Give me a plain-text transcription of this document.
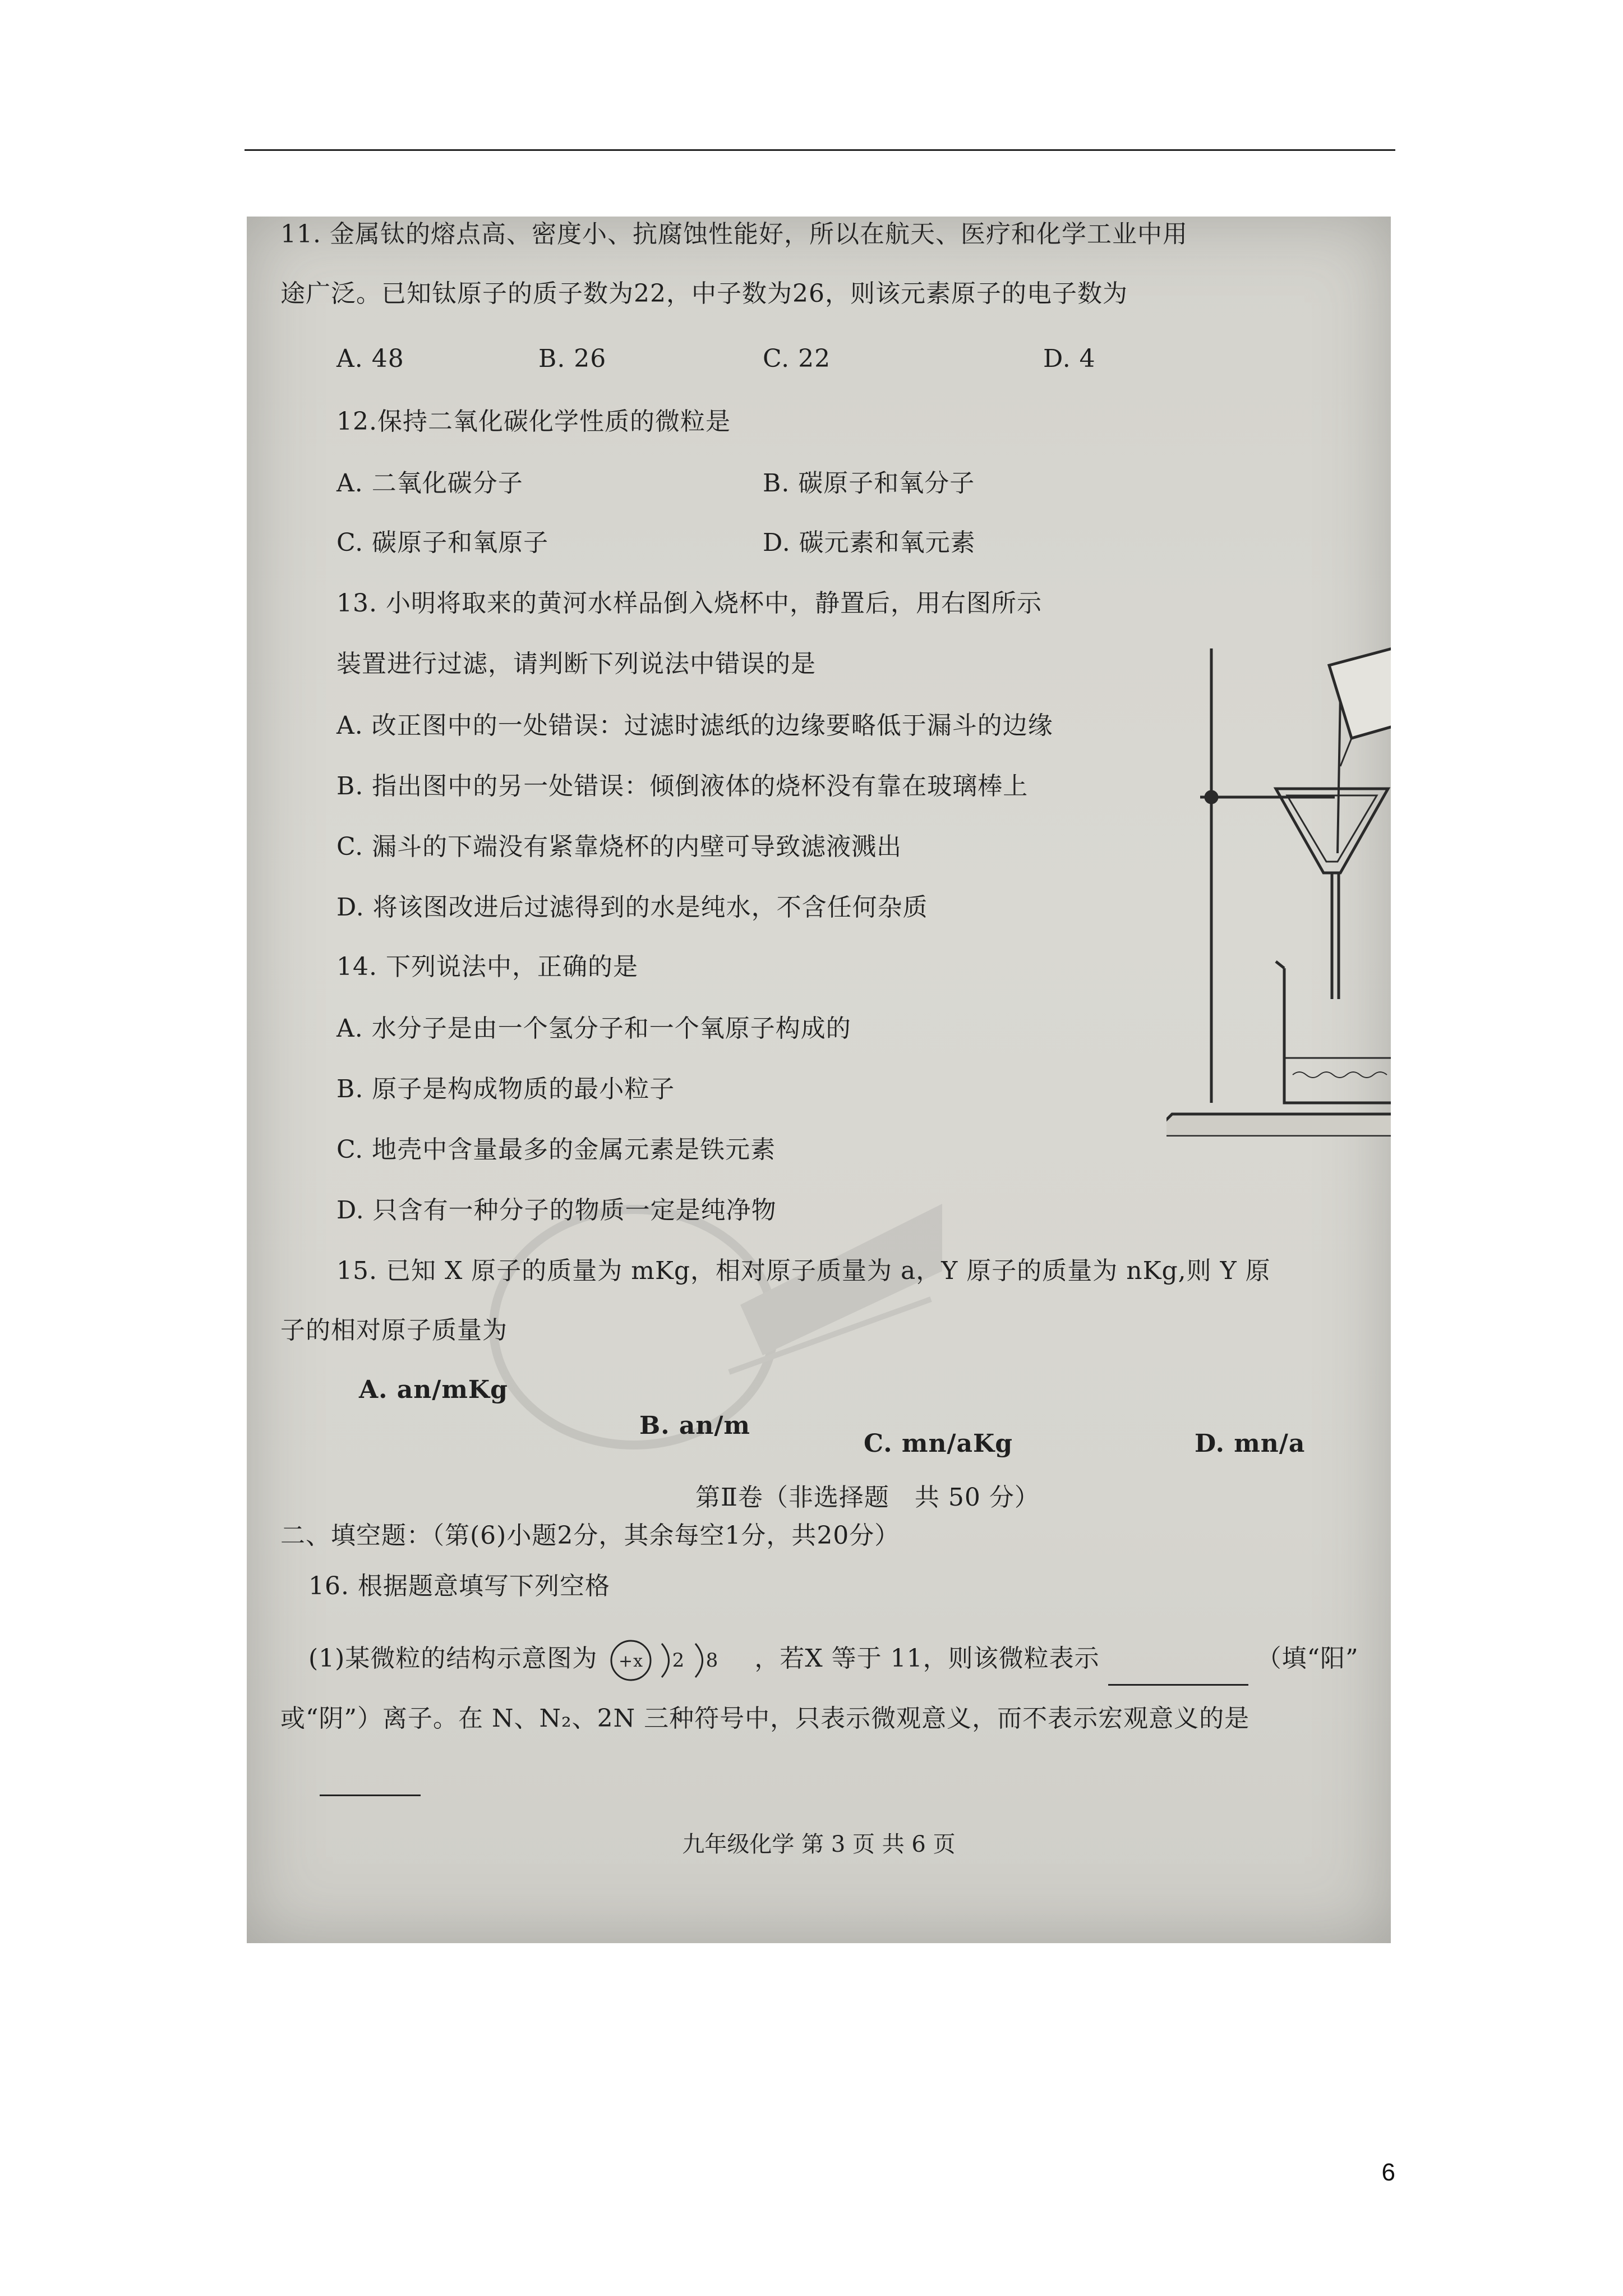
11. 金属钛的熔点高、密度小、抗腐蚀性能好，所以在航天、医疗和化学工业中用
途广泛。已知钛原子的质子数为22，中子数为26，则该元素原子的电子数为
A. 48	B. 26	C. 22	D. 4
12.保持二氧化碳化学性质的微粒是
A. 二氧化碳分子	B. 碳原子和氧分子
C. 碳原子和氧原子	D. 碳元素和氧元素
13. 小明将取来的黄河水样品倒入烧杯中，静置后，用右图所示
装置进行过滤，请判断下列说法中错误的是
A. 改正图中的一处错误：过滤时滤纸的边缘要略低于漏斗的边缘
B. 指出图中的另一处错误：倾倒液体的烧杯没有靠在玻璃棒上
C. 漏斗的下端没有紧靠烧杯的内壁可导致滤液溅出
D. 将该图改进后过滤得到的水是纯水，不含任何杂质
14. 下列说法中，正确的是
A. 水分子是由一个氢分子和一个氧原子构成的
B. 原子是构成物质的最小粒子
C. 地壳中含量最多的金属元素是铁元素
D. 只含有一种分子的物质一定是纯净物
15. 已知 X 原子的质量为 mKg，相对原子质量为 a，Y 原子的质量为 nKg,则 Y 原
子的相对原子质量为
A. an/mKg
B. an/m
C. mn/aKg	D. mn/a
第Ⅱ卷（非选择题　共 50 分）
二、填空题：（第(6)小题2分，其余每空1分，共20分）
16. 根据题意填写下列空格
(1)某微粒的结构示意图为 +x 2 8 ，若X 等于 11，则该微粒表示	（填“阳”
或“阴”）离子。在 N、N₂、2N 三种符号中，只表示微观意义，而不表示宏观意义的是
九年级化学 第 3 页 共 6 页
6
